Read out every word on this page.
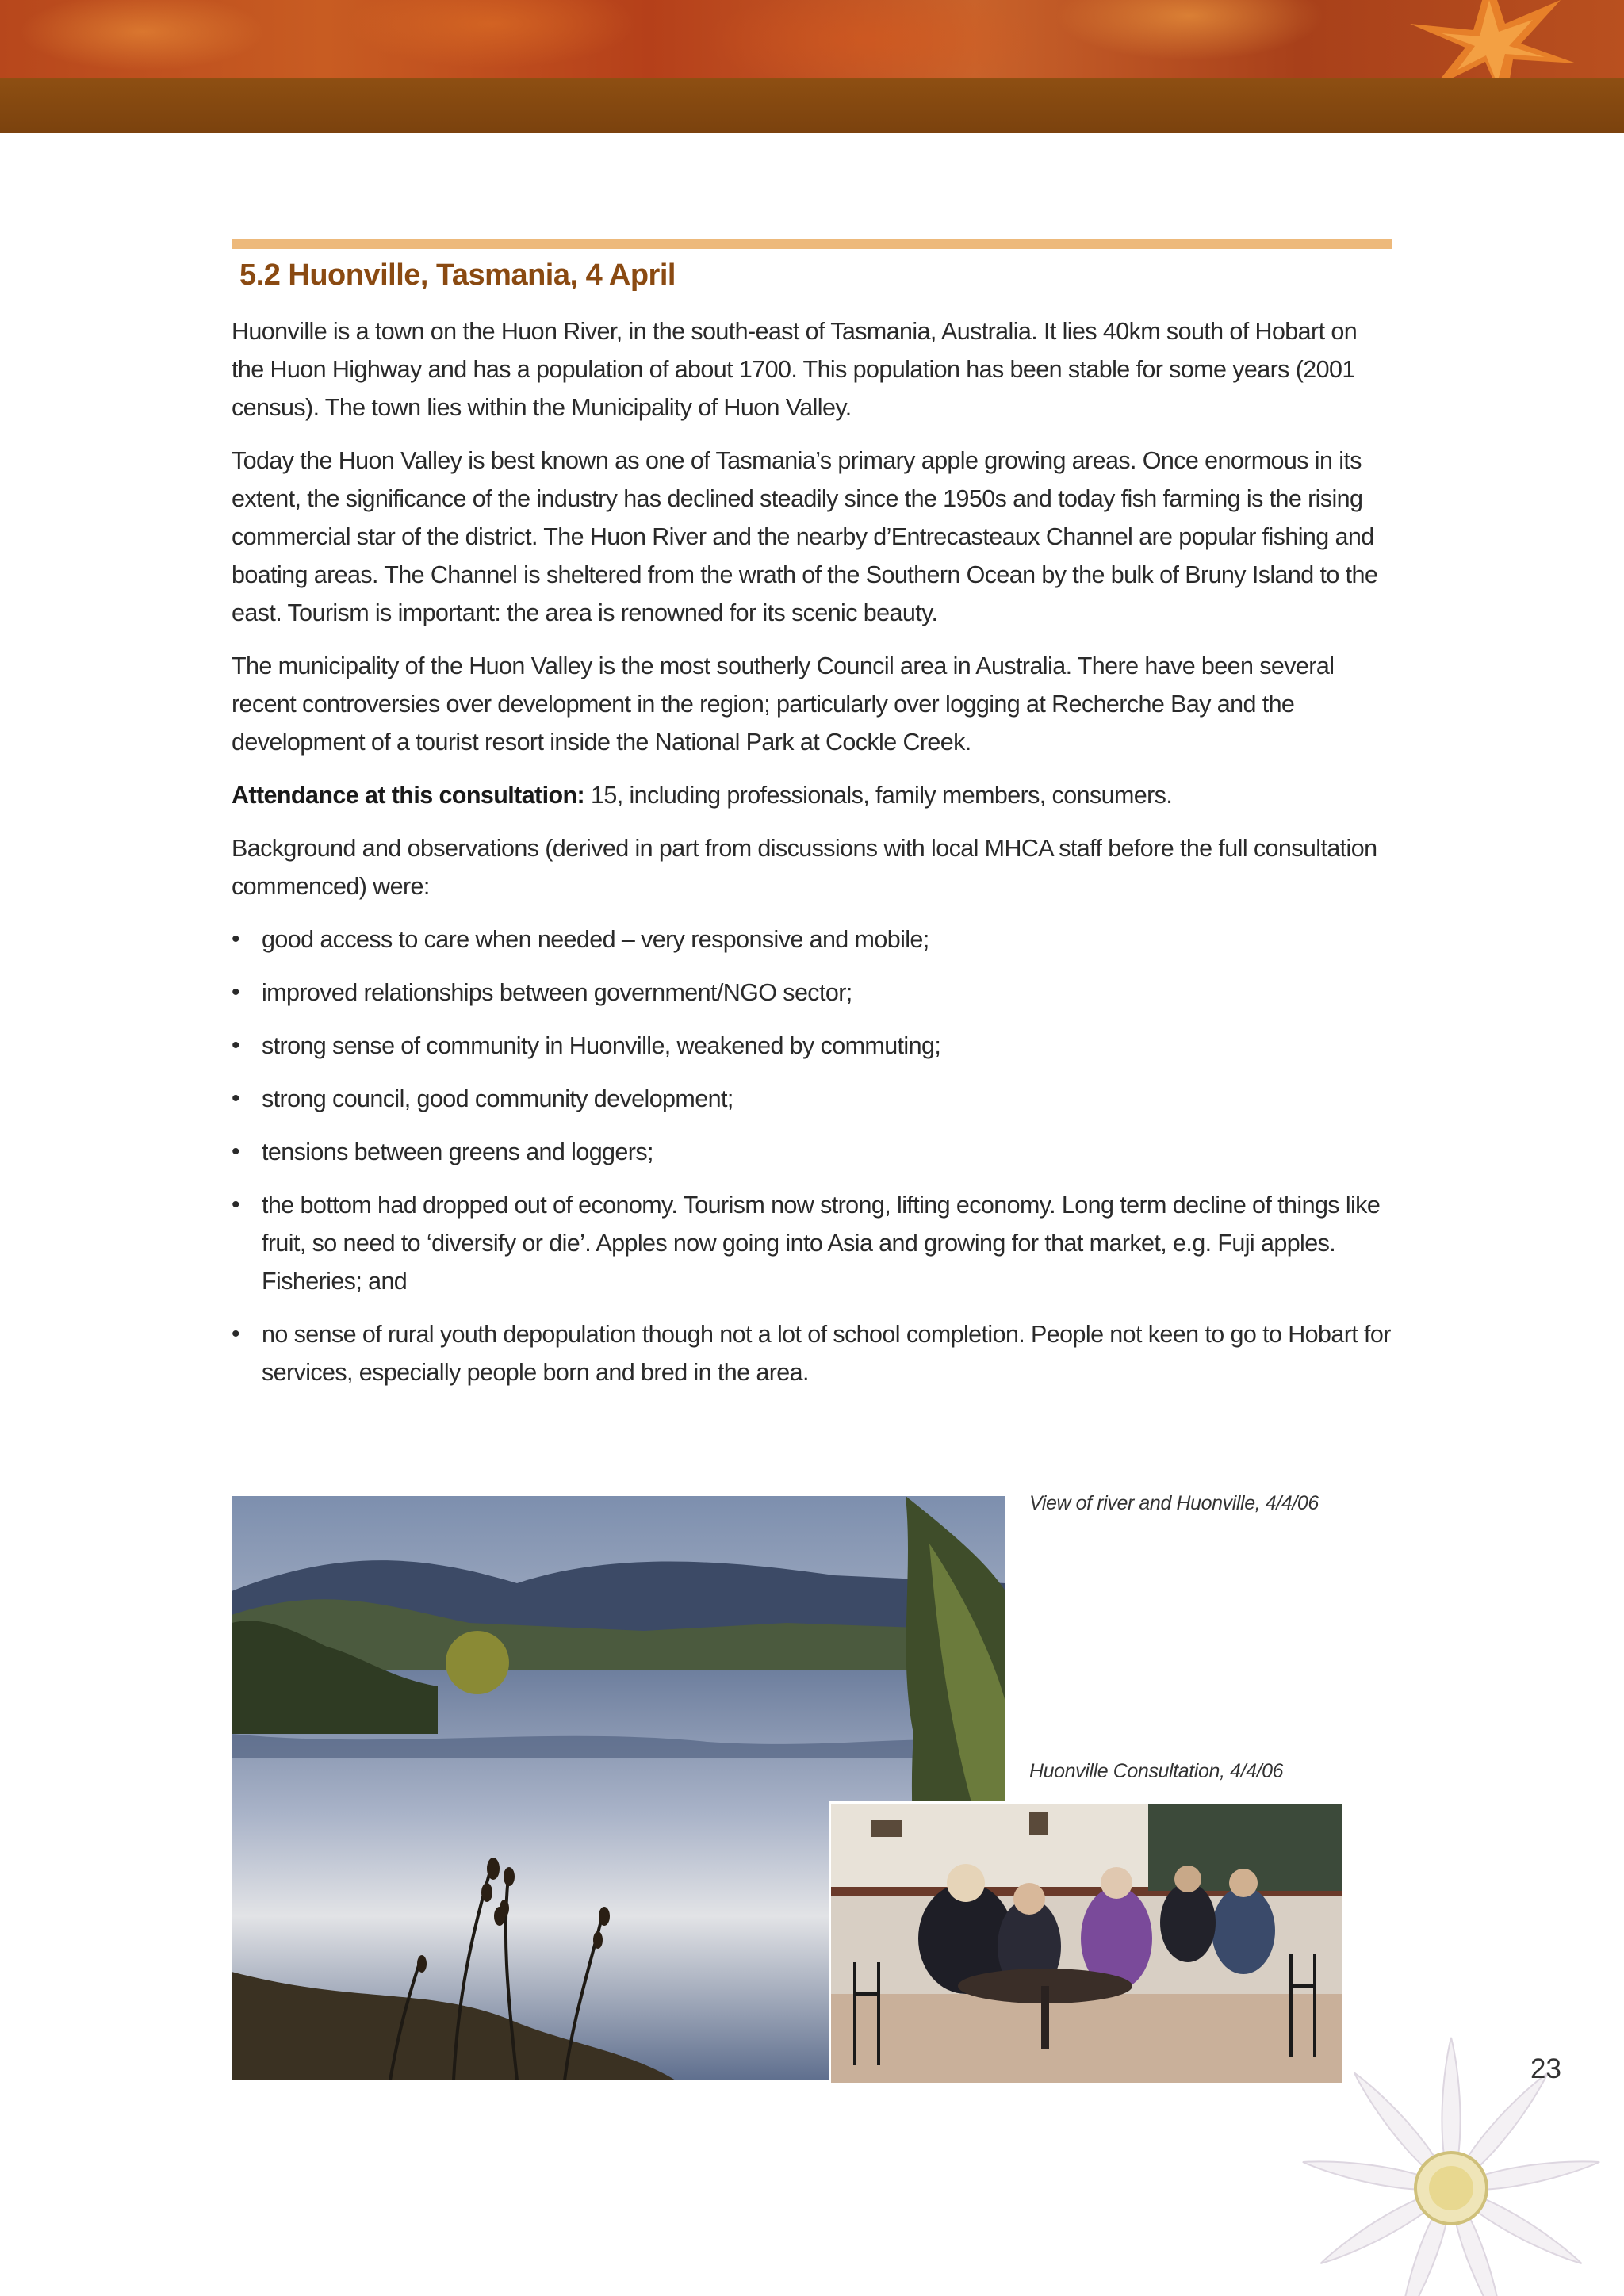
5.2 Huonville, Tasmania, 4 April

Huonville is a town on the Huon River, in the south-east of Tasmania, Australia. It lies 40km south of Hobart on the Huon Highway and has a population of about 1700. This population has been stable for some years (2001 census). The town lies within the Municipality of Huon Valley.

Today the Huon Valley is best known as one of Tasmania’s primary apple growing areas. Once enormous in its extent, the significance of the industry has declined steadily since the 1950s and today fish farming is the rising commercial star of the district. The Huon River and the nearby d’Entrecasteaux Channel are popular fishing and boating areas. The Channel is sheltered from the wrath of the Southern Ocean by the bulk of Bruny Island to the east. Tourism is important: the area is renowned for its scenic beauty.

The municipality of the Huon Valley is the most southerly Council area in Australia. There have been several recent controversies over development in the region; particularly over logging at Recherche Bay and the development of a tourist resort inside the National Park at Cockle Creek.

Attendance at this consultation: 15, including professionals, family members, consumers.

Background and observations (derived in part from discussions with local MHCA staff before the full consultation commenced) were:

• good access to care when needed – very responsive and mobile;
• improved relationships between government/NGO sector;
• strong sense of community in Huonville, weakened by commuting;
• strong council, good community development;
• tensions between greens and loggers;
• the bottom had dropped out of economy. Tourism now strong, lifting economy. Long term decline of things like fruit, so need to ‘diversify or die’. Apples now going into Asia and growing for that market, e.g. Fuji apples. Fisheries; and
• no sense of rural youth depopulation though not a lot of school completion. People not keen to go to Hobart for services, especially people born and bred in the area.
View of river and Huonville, 4/4/06
Huonville Consultation, 4/4/06
23
